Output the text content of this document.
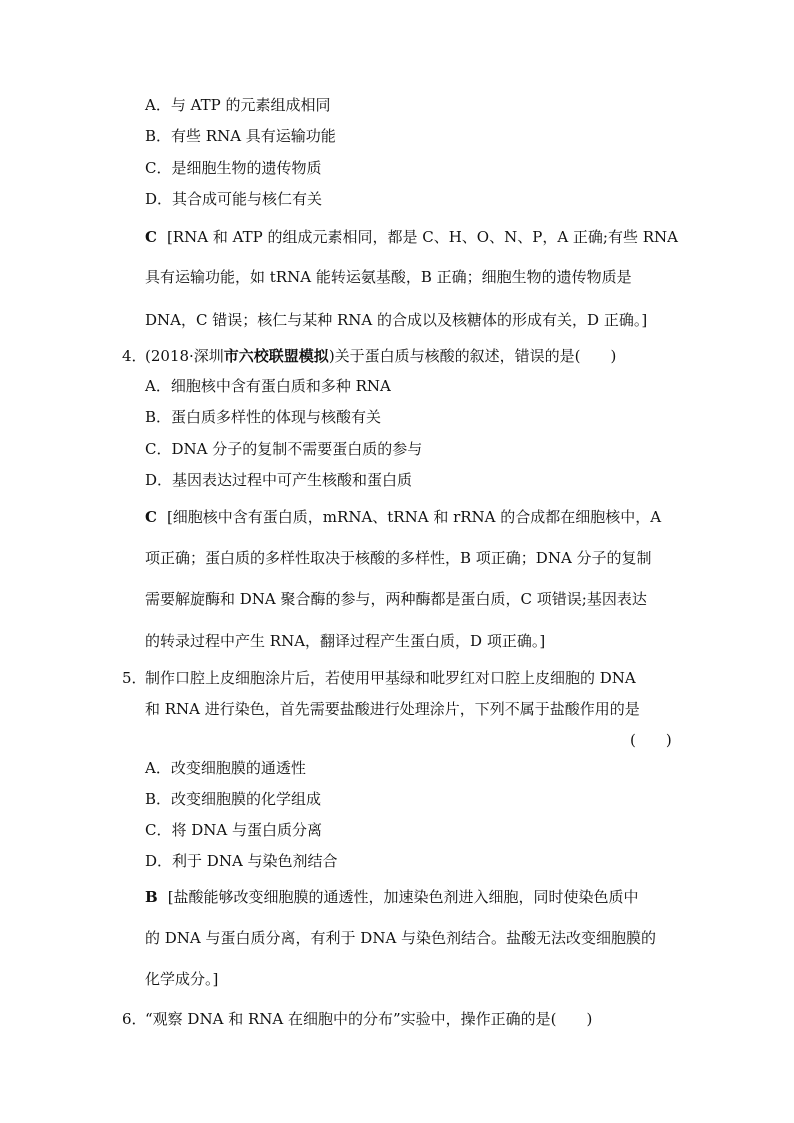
A．与 ATP 的元素组成相同
B．有些 RNA 具有运输功能
C．是细胞生物的遗传物质
D．其合成可能与核仁有关
C [RNA 和 ATP 的组成元素相同，都是 C、H、O、N、P，A 正确;有些 RNA
具有运输功能，如 tRNA 能转运氨基酸，B 正确；细胞生物的遗传物质是
DNA，C 错误；核仁与某种 RNA 的合成以及核糖体的形成有关，D 正确。]
4．
(2018·深圳市六校联盟模拟)关于蛋白质与核酸的叙述，错误的是(　　)
A．细胞核中含有蛋白质和多种 RNA
B．蛋白质多样性的体现与核酸有关
C．DNA 分子的复制不需要蛋白质的参与
D．基因表达过程中可产生核酸和蛋白质
C [细胞核中含有蛋白质，mRNA、tRNA 和 rRNA 的合成都在细胞核中，A
项正确；蛋白质的多样性取决于核酸的多样性，B 项正确；DNA 分子的复制
需要解旋酶和 DNA 聚合酶的参与，两种酶都是蛋白质，C 项错误;基因表达
的转录过程中产生 RNA，翻译过程产生蛋白质，D 项正确。]
5．
制作口腔上皮细胞涂片后，若使用甲基绿和吡罗红对口腔上皮细胞的 DNA
和 RNA 进行染色，首先需要盐酸进行处理涂片，下列不属于盐酸作用的是
(　　)
A．改变细胞膜的通透性
B．改变细胞膜的化学组成
C．将 DNA 与蛋白质分离
D．利于 DNA 与染色剂结合
B [盐酸能够改变细胞膜的通透性，加速染色剂进入细胞，同时使染色质中
的 DNA 与蛋白质分离，有利于 DNA 与染色剂结合。盐酸无法改变细胞膜的
化学成分。]
6．
“观察 DNA 和 RNA 在细胞中的分布”实验中，操作正确的是(　　)
